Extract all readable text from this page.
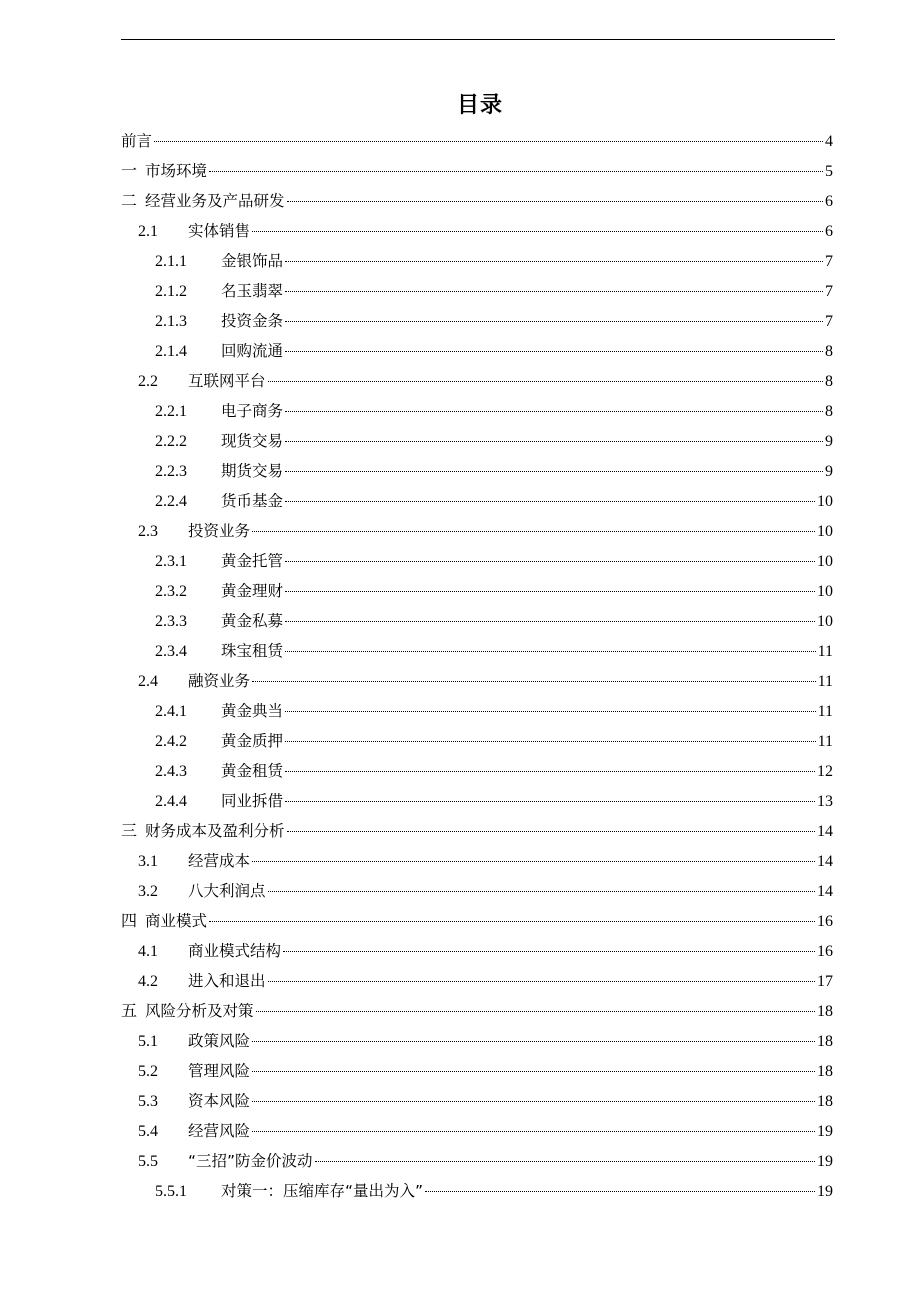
目录
前言	4
一 市场环境	5
二 经营业务及产品研发	6
2.1	实体销售	6
2.1.1	金银饰品	7
2.1.2	名玉翡翠	7
2.1.3	投资金条	7
2.1.4	回购流通	8
2.2	互联网平台	8
2.2.1	电子商务	8
2.2.2	现货交易	9
2.2.3	期货交易	9
2.2.4	货币基金	10
2.3	投资业务	10
2.3.1	黄金托管	10
2.3.2	黄金理财	10
2.3.3	黄金私募	10
2.3.4	珠宝租赁	11
2.4	融资业务	11
2.4.1	黄金典当	11
2.4.2	黄金质押	11
2.4.3	黄金租赁	12
2.4.4	同业拆借	13
三 财务成本及盈利分析	14
3.1	经营成本	14
3.2	八大利润点	14
四 商业模式	16
4.1	商业模式结构	16
4.2	进入和退出	17
五 风险分析及对策	18
5.1	政策风险	18
5.2	管理风险	18
5.3	资本风险	18
5.4	经营风险	19
5.5	“三招”防金价波动	19
5.5.1	对策一：压缩库存“量出为入”	19
